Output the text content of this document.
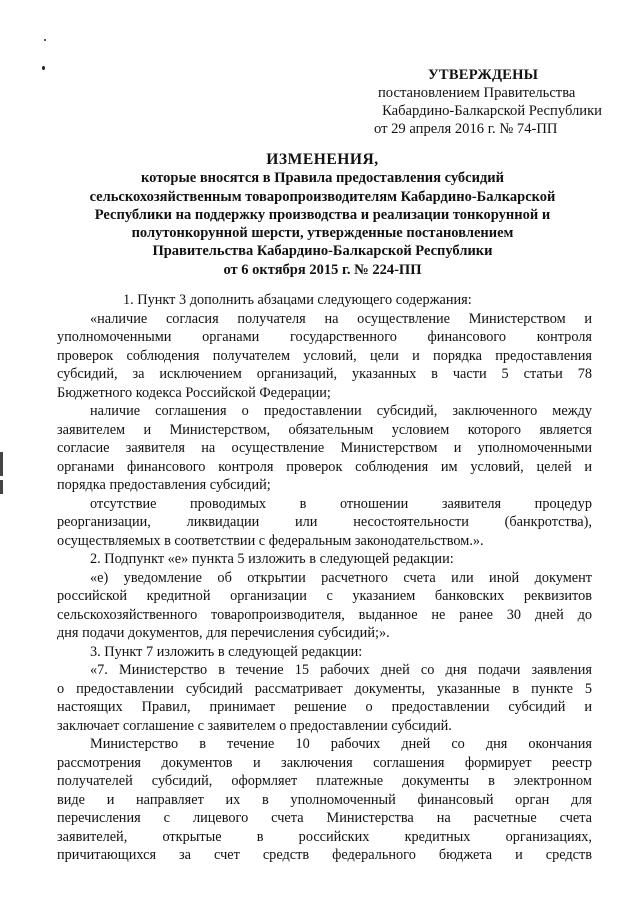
УТВЕРЖДЕНЫ
постановлением Правительства
Кабардино-Балкарской Республики
от 29 апреля 2016 г. № 74-ПП
ИЗМЕНЕНИЯ,
которые вносятся в Правила предоставления субсидий
сельскохозяйственным товаропроизводителям Кабардино-Балкарской
Республики на поддержку производства и реализации тонкорунной и
полутонкорунной шерсти, утвержденные постановлением
Правительства Кабардино-Балкарской Республики
от 6 октября 2015 г. № 224-ПП
1. Пункт 3 дополнить абзацами следующего содержания:
«наличие согласия получателя на осуществление Министерством и
уполномоченными органами государственного финансового контроля
проверок соблюдения получателем условий, цели и порядка предоставления
субсидий, за исключением организаций, указанных в части 5 статьи 78
Бюджетного кодекса Российской Федерации;
наличие соглашения о предоставлении субсидий, заключенного между
заявителем и Министерством, обязательным условием которого является
согласие заявителя на осуществление Министерством и уполномоченными
органами финансового контроля проверок соблюдения им условий, целей и
порядка предоставления субсидий;
отсутствие проводимых в отношении заявителя процедур
реорганизации, ликвидации или несостоятельности (банкротства),
осуществляемых в соответствии с федеральным законодательством.».
2. Подпункт «е» пункта 5 изложить в следующей редакции:
«е) уведомление об открытии расчетного счета или иной документ
российской кредитной организации с указанием банковских реквизитов
сельскохозяйственного товаропроизводителя, выданное не ранее 30 дней до
дня подачи документов, для перечисления субсидий;».
3. Пункт 7 изложить в следующей редакции:
«7. Министерство в течение 15 рабочих дней со дня подачи заявления
о предоставлении субсидий рассматривает документы, указанные в пункте 5
настоящих Правил, принимает решение о предоставлении субсидий и
заключает соглашение с заявителем о предоставлении субсидий.
Министерство в течение 10 рабочих дней со дня окончания
рассмотрения документов и заключения соглашения формирует реестр
получателей субсидий, оформляет платежные документы в электронном
виде и направляет их в уполномоченный финансовый орган для
перечисления с лицевого счета Министерства на расчетные счета
заявителей, открытые в российских кредитных организациях,
причитающихся за счет средств федерального бюджета и средств
